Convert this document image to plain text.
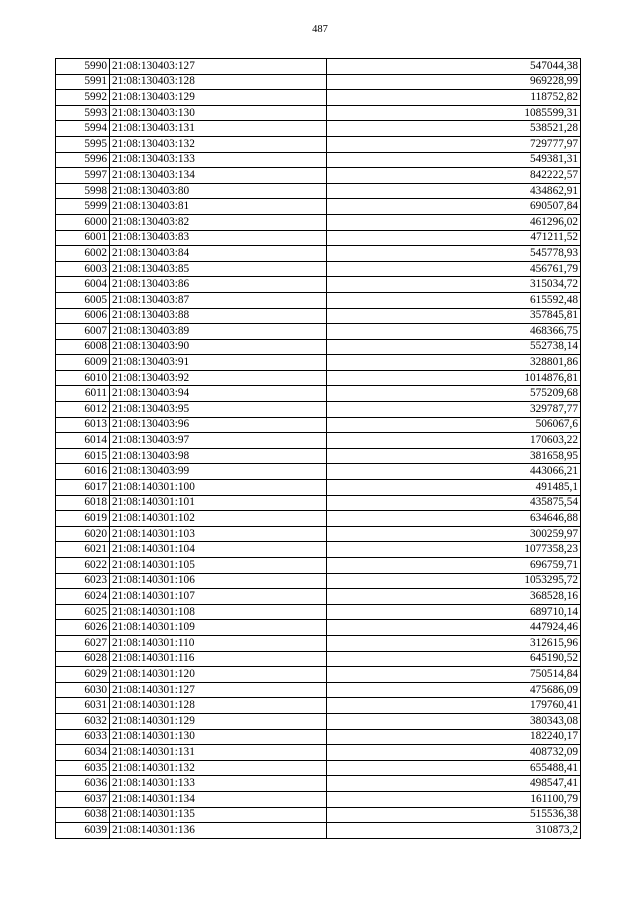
487
5990	21:08:130403:127	547044,38
5991	21:08:130403:128	969228,99
5992	21:08:130403:129	118752,82
5993	21:08:130403:130	1085599,31
5994	21:08:130403:131	538521,28
5995	21:08:130403:132	729777,97
5996	21:08:130403:133	549381,31
5997	21:08:130403:134	842222,57
5998	21:08:130403:80	434862,91
5999	21:08:130403:81	690507,84
6000	21:08:130403:82	461296,02
6001	21:08:130403:83	471211,52
6002	21:08:130403:84	545778,93
6003	21:08:130403:85	456761,79
6004	21:08:130403:86	315034,72
6005	21:08:130403:87	615592,48
6006	21:08:130403:88	357845,81
6007	21:08:130403:89	468366,75
6008	21:08:130403:90	552738,14
6009	21:08:130403:91	328801,86
6010	21:08:130403:92	1014876,81
6011	21:08:130403:94	575209,68
6012	21:08:130403:95	329787,77
6013	21:08:130403:96	506067,6
6014	21:08:130403:97	170603,22
6015	21:08:130403:98	381658,95
6016	21:08:130403:99	443066,21
6017	21:08:140301:100	491485,1
6018	21:08:140301:101	435875,54
6019	21:08:140301:102	634646,88
6020	21:08:140301:103	300259,97
6021	21:08:140301:104	1077358,23
6022	21:08:140301:105	696759,71
6023	21:08:140301:106	1053295,72
6024	21:08:140301:107	368528,16
6025	21:08:140301:108	689710,14
6026	21:08:140301:109	447924,46
6027	21:08:140301:110	312615,96
6028	21:08:140301:116	645190,52
6029	21:08:140301:120	750514,84
6030	21:08:140301:127	475686,09
6031	21:08:140301:128	179760,41
6032	21:08:140301:129	380343,08
6033	21:08:140301:130	182240,17
6034	21:08:140301:131	408732,09
6035	21:08:140301:132	655488,41
6036	21:08:140301:133	498547,41
6037	21:08:140301:134	161100,79
6038	21:08:140301:135	515536,38
6039	21:08:140301:136	310873,2
